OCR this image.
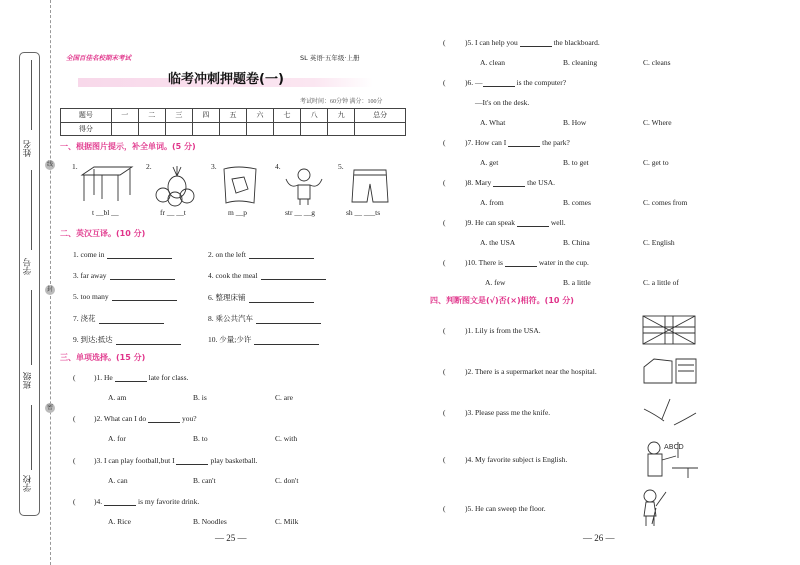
姓名
学号
班级
学校
线
封
密
全国百佳名校期末考试	SL 英语·五年级·上册
临考冲刺押题卷(一)
考试时间：60分钟 满分：100分
题号	一	二	三	四	五	六	七	八	九	总分
得分										
一、根据图片提示，补全单词。(5 分)
1.	2.	3.	4.	5.
t __bl __	fr __ __t	m __p	str __ __g	sh __ ___ts
二、英汉互译。(10 分)
1. come in	2. on the left
3. far away	4. cook the meal
5. too many	6. 整理床铺
7. 浇花	8. 乘公共汽车
9. 到达;抵达	10. 少量;少许
三、单项选择。(15 分)
( )1. He	late for class.
A. am	B. is	C. are
( )2. What can I do	you?
A. for	B. to	C. with
( )3. I can play football,but I	play basketball.
A. can	B. can't	C. don't
( )4.	is my favorite drink.
A. Rice	B. Noodles	C. Milk
— 25 —
(	)5. I can help you	the blackboard.
A. clean	B. cleaning	C. cleans
(	)6. —	is the computer?
—It's on the desk.
A. What	B. How	C. Where
(	)7. How can I	the park?
A. get	B. to get	C. get to
(	)8. Mary	the USA.
A. from	B. comes	C. comes from
(	)9. He can speak	well.
A. the USA	B. China	C. English
(	)10. There is	water in the cup.
A. few	B. a little	C. a little of
四、判断图文是(√)否(×)相符。(10 分)
(	)1. Lily is from the USA.
(	)2. There is a supermarket near the hospital.
(	)3. Please pass me the knife.
(	)4. My favorite subject is English.
(	)5. He can sweep the floor.
ABCD
— 26 —
